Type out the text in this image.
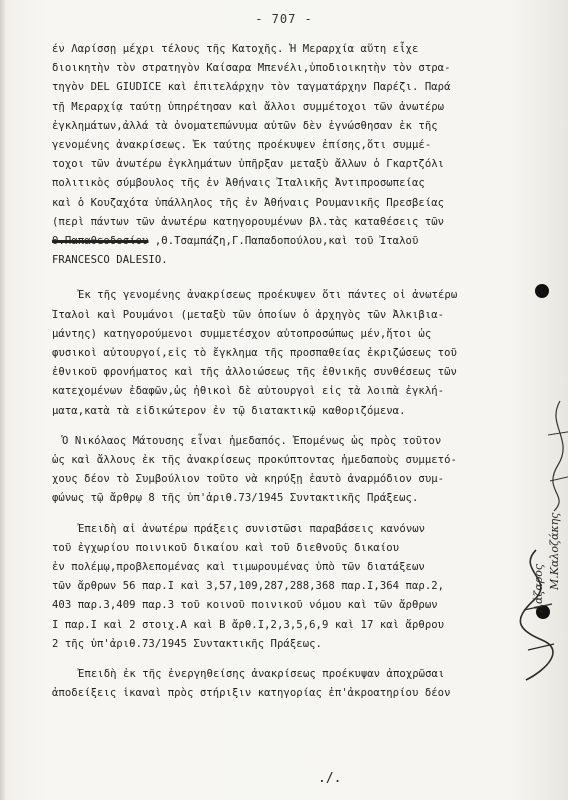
- 707 -
έν Λαρίσσῃ μέχρι τέλους τῆς Κατοχῆς. Ἡ Μεραρχία αὕτη εἶχε
διοικητὴν τὸν στρατηγὸν Καίσαρα Μπενέλι,ὑποδιοικητὴν τὸν στρα-
τηγὸν DEL GIUDICE καὶ ἐπιτελάρχην τὸν ταγματάρχην Παρέζι. Παρά
τῇ Μεραρχίᾳ ταύτῃ ὑπηρέτησαν καὶ ἄλλοι συμμέτοχοι τῶν ἀνωτέρω
ἐγκλημάτων,ἀλλά τὰ ὀνοματεπώνυμα αὐτῶν δὲν ἐγνώσθησαν ἐκ τῆς
γενομένης ἀνακρίσεως. Ἐκ ταύτης προέκυψεν ἐπίσης,ὅτι συμμέ-
τοχοι τῶν ἀνωτέρω ἐγκλημάτων ὑπῆρξαν μεταξὺ ἄλλων ὁ Γκαρτζόλι
πολιτικὸς σύμβουλος τῆς ἐν Ἀθήναις Ἰταλικῆς Ἀντιπροσωπείας
καὶ ὁ Κουζαχότα ὑπάλληλος τῆς ἐν Ἀθήναις Ρουμανικῆς Πρεσβείας
(περὶ πάντων τῶν ἀνωτέρω κατηγορουμένων βλ.τὰς καταθέσεις τῶν
Θ.Παπαθεοδοσίου ,Θ.Τσαμπάζη,Γ.Παπαδοπούλου,καὶ τοῦ Ἰταλοῦ
FRANCESCO DALESIO.
Ἐκ τῆς γενομένης ἀνακρίσεως προέκυψεν ὅτι πάντες οἱ ἀνωτέρω
Ἰταλοὶ καὶ Ρουμάνοι (μεταξὺ τῶν ὁποίων ὁ ἀρχηγὸς τῶν Ἀλκιβια-
μάντης) κατηγορούμενοι συμμετέσχον αὐτοπροσώπως μέν,ἤτοι ὡς
φυσικοὶ αὐτουργοί,εἰς τὸ ἔγκλημα τῆς προσπαθείας ἐκριζώσεως τοῦ
ἐθνικοῦ φρονήματος καὶ τῆς ἀλλοιώσεως τῆς ἐθνικῆς συνθέσεως τῶν
κατεχομένων ἐδαφῶν,ὡς ἠθικοὶ δὲ αὐτουργοὶ εἰς τὰ λοιπὰ ἐγκλή-
ματα,κατὰ τὰ εἰδικώτερον ἐν τῷ διατακτικῷ καθοριζόμενα.
Ὁ Νικόλαος Μάτουσης εἶναι ἡμεδαπός. Ἐπομένως ὡς πρὸς τοῦτον
ὡς καὶ ἄλλους ἐκ τῆς ἀνακρίσεως προκύπτοντας ἡμεδαποὺς συμμετό-
χους δέον τὸ Συμβούλιον τοῦτο νὰ κηρύξῃ ἑαυτὸ ἀναρμόδιον συμ-
φώνως τῷ ἄρθρῳ 8 τῆς ὑπ'ἀριθ.73/1945 Συντακτικῆς Πράξεως.
Ἐπειδὴ αἱ ἀνωτέρω πράξεις συνιστῶσι παραβάσεις κανόνων
τοῦ ἐγχωρίου ποινικοῦ δικαίου καὶ τοῦ διεθνοῦς δικαίου
ἐν πολέμῳ,προβλεπομένας καὶ τιμωρουμένας ὑπὸ τῶν διατάξεων
τῶν ἄρθρων 56 παρ.Ι καὶ 3,57,109,287,288,368 παρ.Ι,364 παρ.2,
403 παρ.3,409 παρ.3 τοῦ κοινοῦ ποινικοῦ νόμου καὶ τῶν ἄρθρων
Ι παρ.Ι καὶ 2 στοιχ.Α καὶ Β ἄρθ.Ι,2,3,5,6,9 καὶ 17 καὶ ἄρθρου
2 τῆς ὑπ'ἀριθ.73/1945 Συντακτικῆς Πράξεως.
Ἐπειδὴ ἐκ τῆς ἐνεργηθείσης ἀνακρίσεως προέκυψαν ἀποχρῶσαι
ἀποδείξεις ἱκαναὶ πρὸς στήριξιν κατηγορίας ἐπ'ἀκροατηρίου δέον
Λάζαρος Μ.Καλοζάκης
./.
